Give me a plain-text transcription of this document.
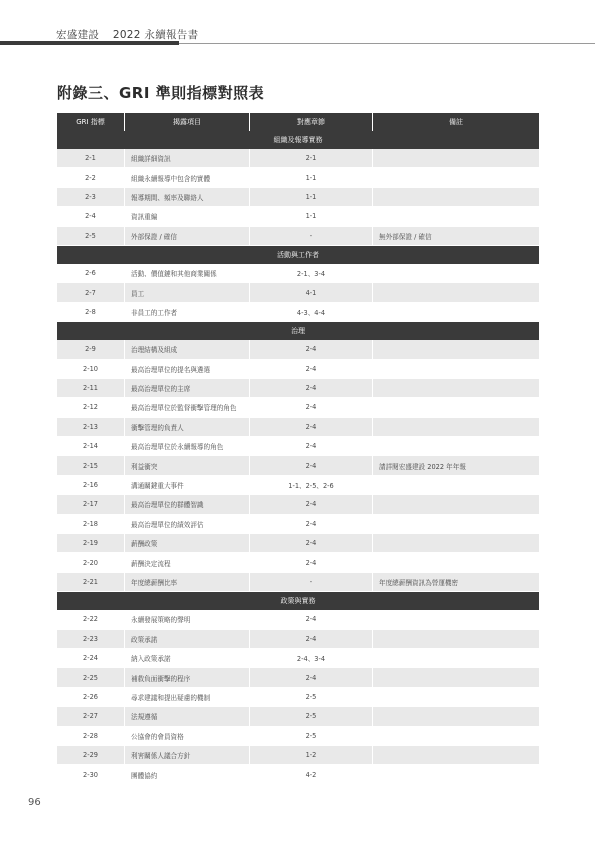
宏盛建設 2022 永續報告書
附錄三、GRI 準則指標對照表
GRI 指標	揭露項目	對應章節	備註
組織及報導實務			
2-1	組織詳細資訊	2-1	
2-2	組織永續報導中包含的實體	1-1	
2-3	報導期間、頻率及聯絡人	1-1	
2-4	資訊重編	1-1	
2-5	外部保證 / 確信	-	無外部保證 / 確信
活動與工作者			
2-6	活動、價值鏈和其他商業關係	2-1、3-4	
2-7	員工	4-1	
2-8	非員工的工作者	4-3、4-4	
治理			
2-9	治理結構及組成	2-4	
2-10	最高治理單位的提名與遴選	2-4	
2-11	最高治理單位的主席	2-4	
2-12	最高治理單位於監督衝擊管理的角色	2-4	
2-13	衝擊管理的負責人	2-4	
2-14	最高治理單位於永續報導的角色	2-4	
2-15	利益衝突	2-4	請詳閱宏盛建設 2022 年年報
2-16	溝通關鍵重大事件	1-1、2-5、2-6	
2-17	最高治理單位的群體智識	2-4	
2-18	最高治理單位的績效評估	2-4	
2-19	薪酬政策	2-4	
2-20	薪酬決定流程	2-4	
2-21	年度總薪酬比率	-	年度總薪酬資訊為營運機密
政策與實務			
2-22	永續發展策略的聲明	2-4	
2-23	政策承諾	2-4	
2-24	納入政策承諾	2-4、3-4	
2-25	補救負面衝擊的程序	2-4	
2-26	尋求建議和提出疑慮的機制	2-5	
2-27	法規遵循	2-5	
2-28	公協會的會員資格	2-5	
2-29	利害關係人議合方針	1-2	
2-30	團體協約	4-2	
96
